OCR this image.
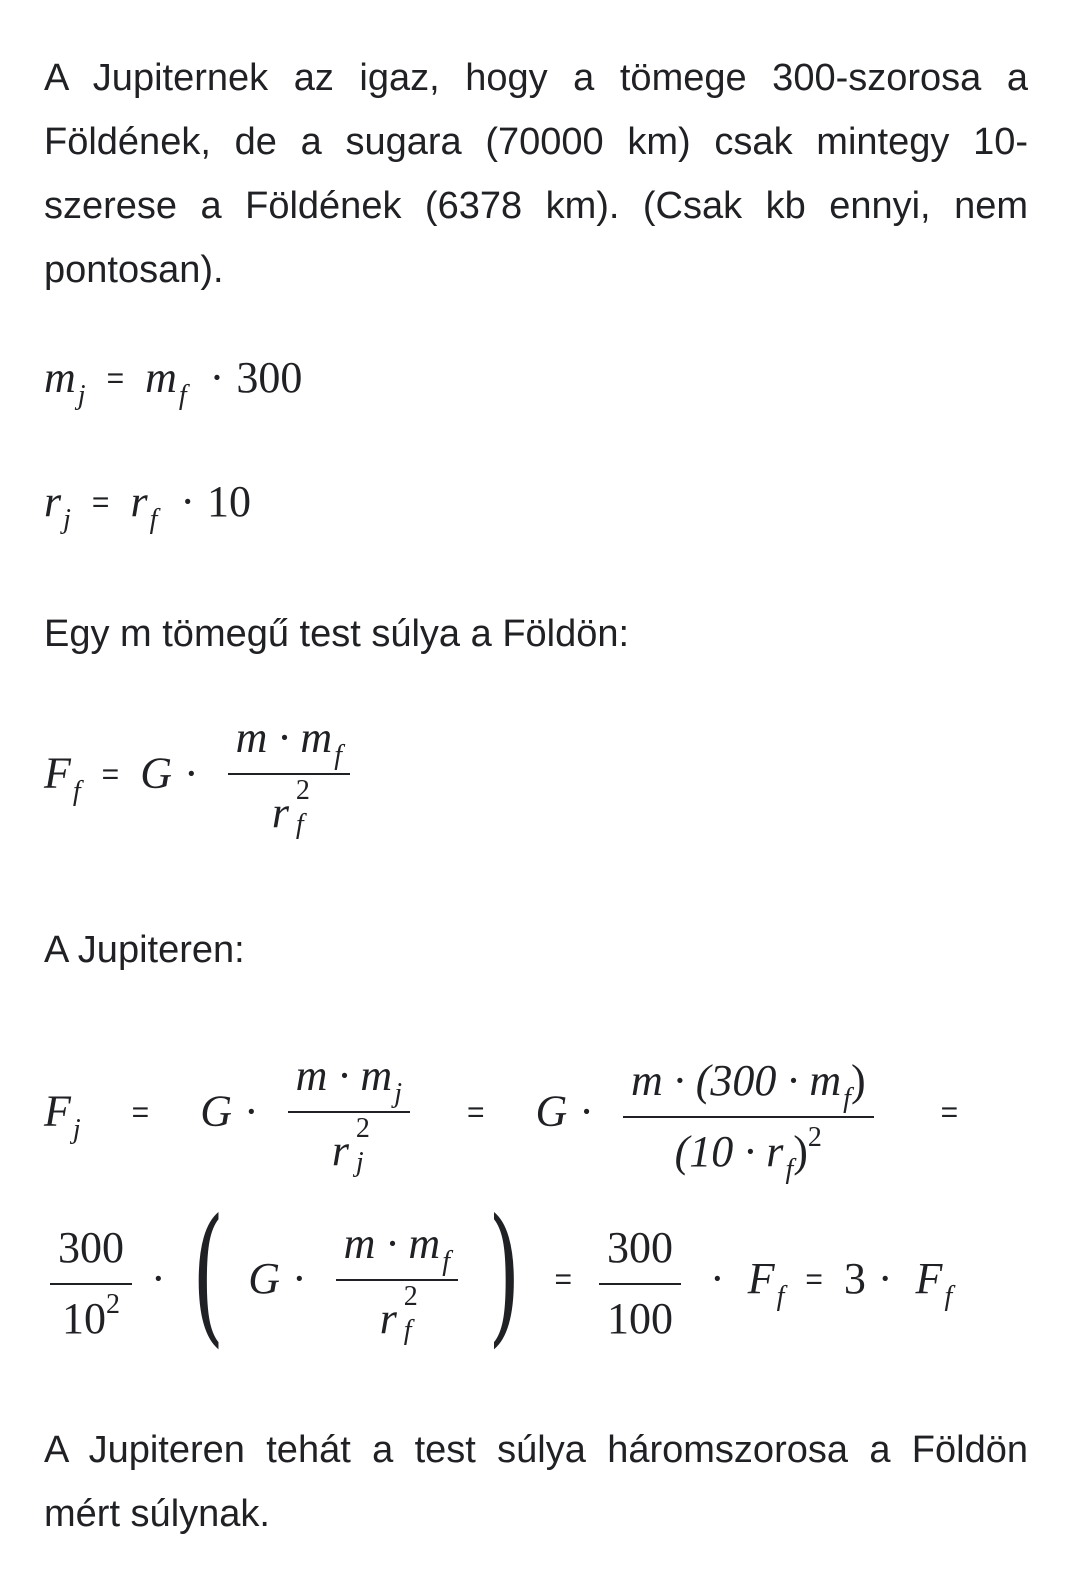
A Jupiternek az igaz, hogy a tömege 300-szorosa a Földének, de a sugara (70000 km) csak mintegy 10-szerese a Földének (6378 km). (Csak kb ennyi, nem pontosan).

$m_j = m_f \cdot 300$
$r_j = r_f \cdot 10$

Egy m tömegű test súlya a Földön:

$F_f = G \cdot m \cdot m_f$
r 2
f

A Jupiteren:

$F_j = G \cdot m \cdot m_j$
r 2
$j = G \cdot \frac{m \cdot (300 \cdot m_f)}{(10 \cdot r_f)^2}$ =
$\frac{300}{10^2}$ · ( $G \cdot m \cdot m_f$
r 2
f ) = $\frac{300}{100} \cdot F_f = 3 \cdot F_f$

A Jupiteren tehát a test súlya háromszorosa a Földön mért súlynak.
